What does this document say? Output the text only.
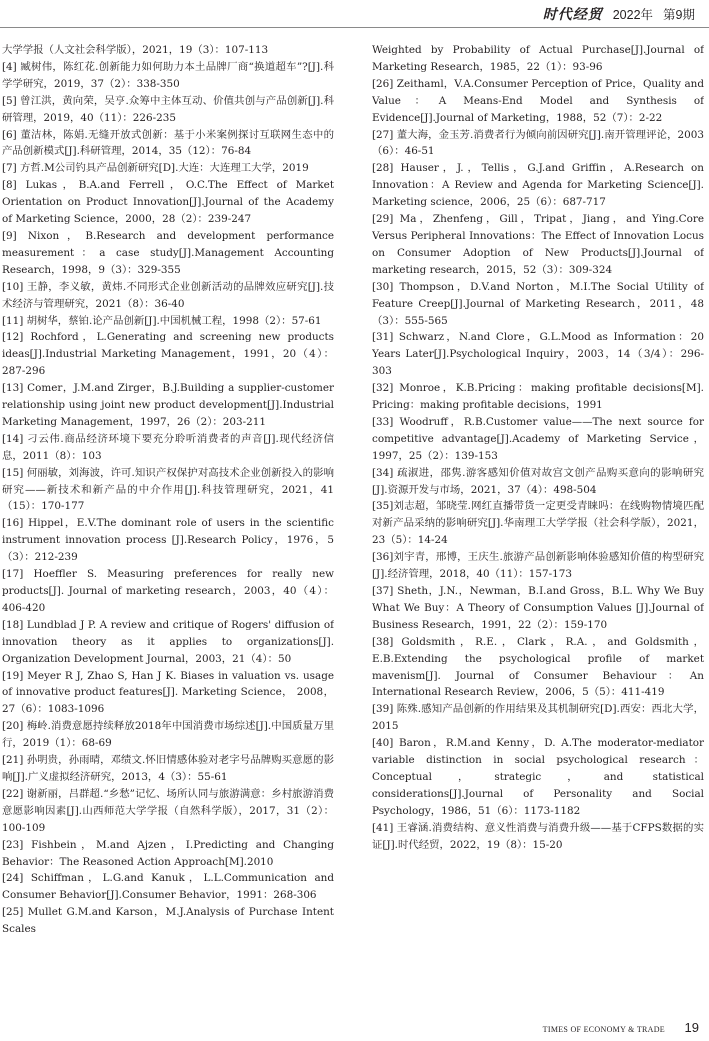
时代经贸 2022年 第9期

大学学报（人文社会科学版），2021，19（3）：107-113

[4] 臧树伟，陈红花.创新能力如何助力本土品牌厂商“换道超车”?[J].科学学研究，2019，37（2）：338-350

[5] 曾江洪，黄向荣，吴亨.众筹中主体互动、价值共创与产品创新[J].科研管理，2019，40（11）：226-235

[6] 董洁林，陈娟.无缝开放式创新：基于小米案例探讨互联网生态中的产品创新模式[J].科研管理，2014，35（12）：76-84

[7] 方哲.M公司钓具产品创新研究[D].大连：大连理工大学，2019

[8] Lukas，B.A.and Ferrell，O.C.The Effect of Market Orientation on Product Innovation[J].Journal of the Academy of Marketing Science，2000，28（2）：239-247

[9] Nixon，B.Research and development performance measurement：a case study[J].Management Accounting Research，1998，9（3）：329-355

[10] 王静，李义敏，黄炜.不同形式企业创新活动的品牌效应研究[J].技术经济与管理研究，2021（8）：36-40

[11] 胡树华，蔡铂.论产品创新[J].中国机械工程，1998（2）：57-61

[12] Rochford，L.Generating and screening new products ideas[J].Industrial Marketing Management，1991，20（4）：287-296

[13] Comer，J.M.and Zirger，B.J.Building a supplier-customer relationship using joint new product development[J].Industrial Marketing Management，1997，26（2）：203-211

[14] 刁云伟.商品经济环境下要充分聆听消费者的声音[J].现代经济信息，2011（8）：103

[15] 何丽敏，刘海波，许可.知识产权保护对高技术企业创新投入的影响研究——新技术和新产品的中介作用[J].科技管理研究，2021，41（15）：170-177

[16] Hippel，E.V.The dominant role of users in the scientific instrument innovation process [J].Research Policy，1976，5（3）：212-239

[17] Hoeffler S. Measuring preferences for really new products[J]. Journal of marketing research，2003，40（4）：406-420

[18] Lundblad J P. A review and critique of Rogers' diffusion of innovation theory as it applies to organizations[J]. Organization Development Journal，2003，21（4）：50

[19] Meyer R J, Zhao S, Han J K. Biases in valuation vs. usage of innovative product features[J]. Marketing Science， 2008，27（6）：1083-1096

[20] 梅岭.消费意愿持续释放2018年中国消费市场综述[J].中国质量万里行，2019（1）：68-69

[21] 孙明贵，孙雨晴，邓绩文.怀旧情感体验对老字号品牌购买意愿的影响[J].广义虚拟经济研究，2013，4（3）：55-61

[22] 谢新丽，吕群超.“乡愁”记忆、场所认同与旅游满意：乡村旅游消费意愿影响因素[J].山西师范大学学报（自然科学版），2017，31（2）：100-109

[23] Fishbein，M.and Ajzen，I.Predicting and Changing Behavior：The Reasoned Action Approach[M].2010

[24] Schiffman，L.G.and Kanuk，L.L.Communication and Consumer Behavior[J].Consumer Behavior，1991：268-306

[25] Mullet G.M.and Karson，M.J.Analysis of Purchase Intent Scales

Weighted by Probability of Actual Purchase[J].Journal of Marketing Research，1985，22（1）：93-96

[26] Zeithaml，V.A.Consumer Perception of Price，Quality and Value：A Means-End Model and Synthesis of Evidence[J].Journal of Marketing，1988，52（7）：2-22

[27] 董大海，金玉芳.消费者行为倾向前因研究[J].南开管理评论，2003（6）：46-51

[28] Hauser，J.，Tellis，G.J.and Griffin，A.Research on Innovation：A Review and Agenda for Marketing Science[J]. Marketing science，2006，25（6）：687-717

[29] Ma，Zhenfeng，Gill，Tripat，Jiang，and Ying.Core Versus Peripheral Innovations：The Effect of Innovation Locus on Consumer Adoption of New Products[J].Journal of marketing research，2015，52（3）：309-324

[30] Thompson，D.V.and Norton，M.I.The Social Utility of Feature Creep[J].Journal of Marketing Research，2011，48（3）：555-565

[31] Schwarz，N.and Clore，G.L.Mood as Information：20 Years Later[J].Psychological Inquiry，2003，14（3/4）：296-303

[32] Monroe，K.B.Pricing：making profitable decisions[M]. Pricing：making profitable decisions，1991

[33] Woodruff，R.B.Customer value——The next source for competitive advantage[J].Academy of Marketing Service，1997，25（2）：139-153

[34] 疏淑进，邵隽.游客感知价值对故宫文创产品购买意向的影响研究[J].资源开发与市场，2021，37（4）：498-504

[35]刘志超，邹晓莹.网红直播带货一定更受青睐吗：在线购物情境匹配对新产品采纳的影响研究[J].华南理工大学学报（社会科学版），2021，23（5）：14-24

[36]刘宇青，邢博，王庆生.旅游产品创新影响体验感知价值的构型研究[J].经济管理，2018，40（11）：157-173

[37] Sheth，J.N.，Newman，B.I.and Gross，B.L. Why We Buy What We Buy：A Theory of Consumption Values [J].Journal of Business Research，1991，22（2）：159-170

[38] Goldsmith，R.E.，Clark，R.A.，and Goldsmith，E.B.Extending the psychological profile of market mavenism[J]. Journal of Consumer Behaviour：An International Research Review，2006，5（5）：411-419

[39] 陈殊.感知产品创新的作用结果及其机制研究[D].西安：西北大学，2015

[40] Baron，R.M.and Kenny，D. A.The moderator-mediator variable distinction in social psychological research：Conceptual，strategic，and statistical considerations[J].Journal of Personality and Social Psychology，1986，51（6）：1173-1182

[41] 王睿涵.消费结构、意义性消费与消费升级——基于CFPS数据的实证[J].时代经贸，2022，19（8）：15-20

TIMES OF ECONOMY & TRADE 19
